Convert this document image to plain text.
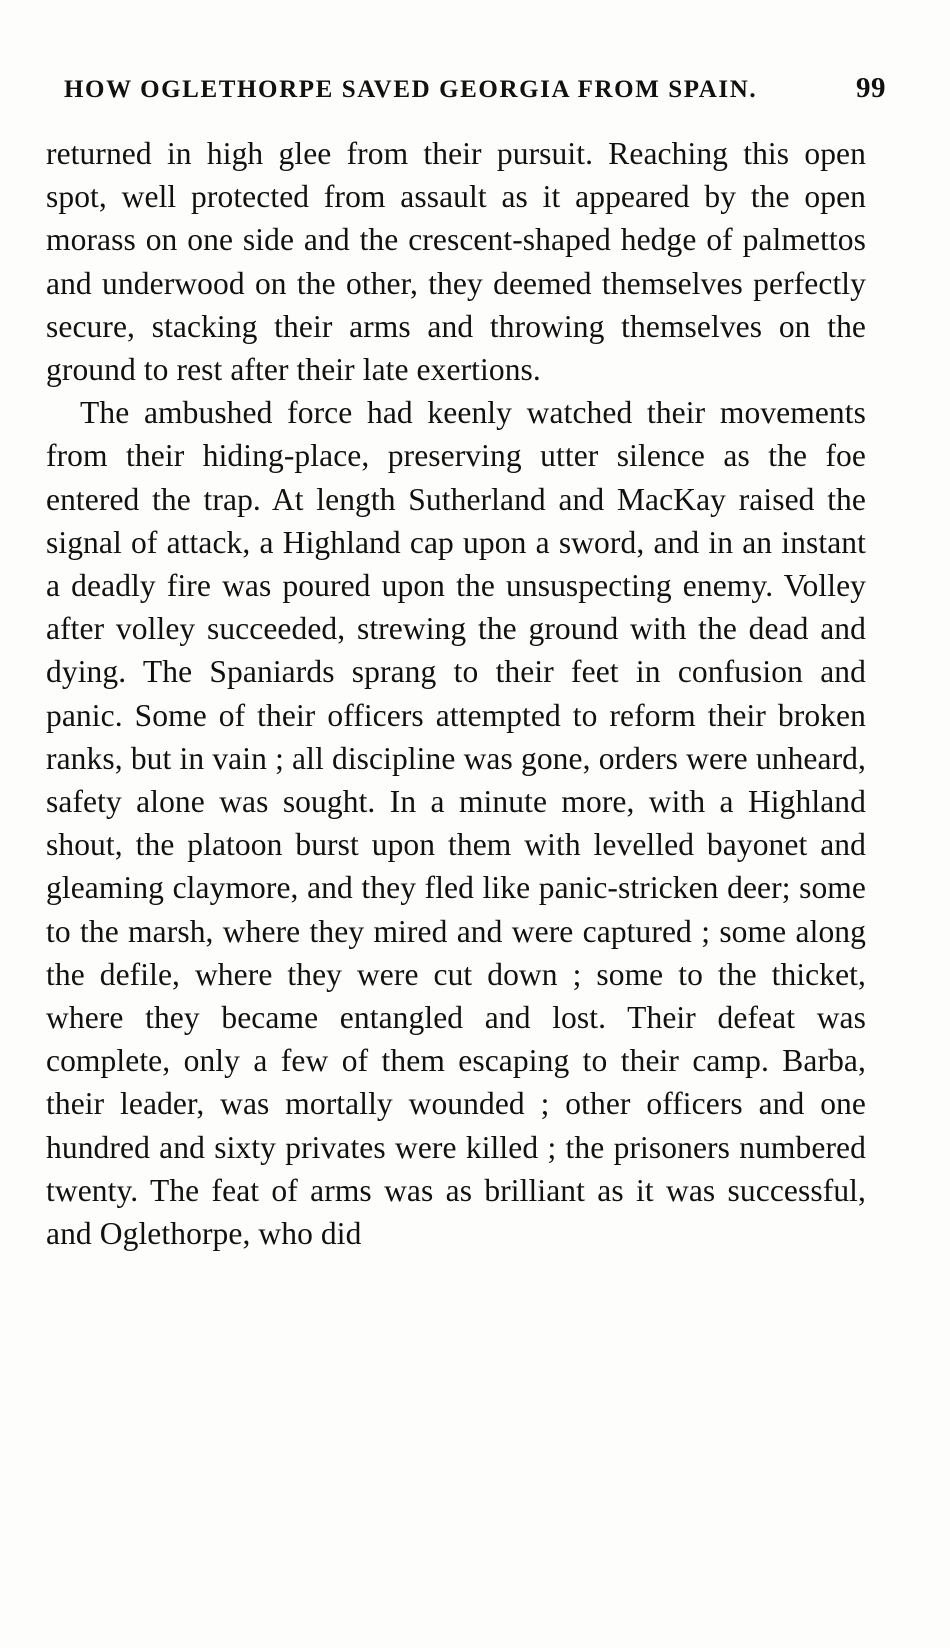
HOW OGLETHORPE SAVED GEORGIA FROM SPAIN.	99

returned in high glee from their pursuit. Reaching this open spot, well protected from assault as it appeared by the open morass on one side and the crescent-shaped hedge of palmettos and underwood on the other, they deemed themselves perfectly secure, stacking their arms and throwing themselves on the ground to rest after their late exertions.

The ambushed force had keenly watched their movements from their hiding-place, preserving utter silence as the foe entered the trap. At length Sutherland and MacKay raised the signal of attack, a Highland cap upon a sword, and in an instant a deadly fire was poured upon the unsuspecting enemy. Volley after volley succeeded, strewing the ground with the dead and dying. The Spaniards sprang to their feet in confusion and panic. Some of their officers attempted to reform their broken ranks, but in vain ; all discipline was gone, orders were unheard, safety alone was sought. In a minute more, with a Highland shout, the platoon burst upon them with levelled bayonet and gleaming claymore, and they fled like panic-stricken deer; some to the marsh, where they mired and were captured ; some along the defile, where they were cut down ; some to the thicket, where they became entangled and lost. Their defeat was complete, only a few of them escaping to their camp. Barba, their leader, was mortally wounded ; other officers and one hundred and sixty privates were killed ; the prisoners numbered twenty. The feat of arms was as brilliant as it was successful, and Oglethorpe, who did
